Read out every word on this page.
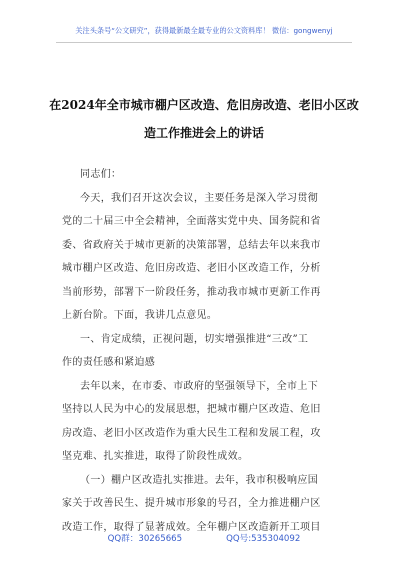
关注头条号“公文研究”，获得最新最全最专业的公文资料库！ 微信：gongwenyj
在2024年全市城市棚户区改造、危旧房改造、老旧小区改
造工作推进会上的讲话
同志们：
今天，我们召开这次会议，主要任务是深入学习贯彻
党的二十届三中全会精神，全面落实党中央、国务院和省
委、省政府关于城市更新的决策部署，总结去年以来我市
城市棚户区改造、危旧房改造、老旧小区改造工作，分析
当前形势，部署下一阶段任务，推动我市城市更新工作再
上新台阶。下面，我讲几点意见。
一、肯定成绩，正视问题，切实增强推进“三改”工
作的责任感和紧迫感
去年以来，在市委、市政府的坚强领导下，全市上下
坚持以人民为中心的发展思想，把城市棚户区改造、危旧
房改造、老旧小区改造作为重大民生工程和发展工程，攻
坚克难、扎实推进，取得了阶段性成效。
（一）棚户区改造扎实推进。去年，我市积极响应国
家关于改善民生、提升城市形象的号召，全力推进棚户区
改造工作，取得了显著成效。全年棚户区改造新开工项目
QQ群：30265665	QQ号:535304092
